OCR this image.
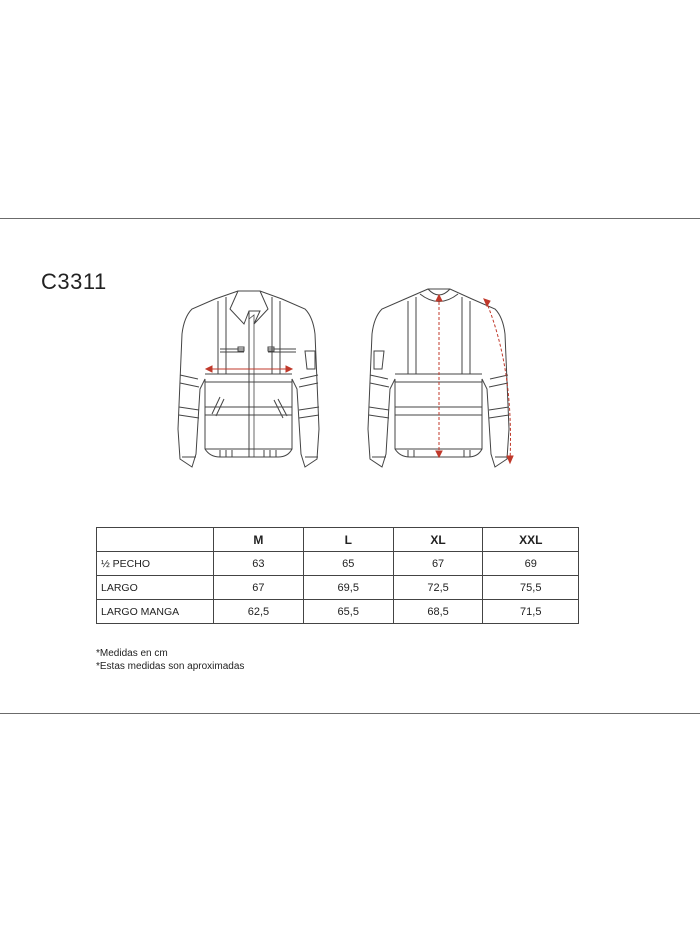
C3311
	M	L	XL	XXL
½ PECHO	63	65	67	69
LARGO	67	69,5	72,5	75,5
LARGO MANGA	62,5	65,5	68,5	71,5
*Medidas en cm
*Estas medidas son aproximadas
